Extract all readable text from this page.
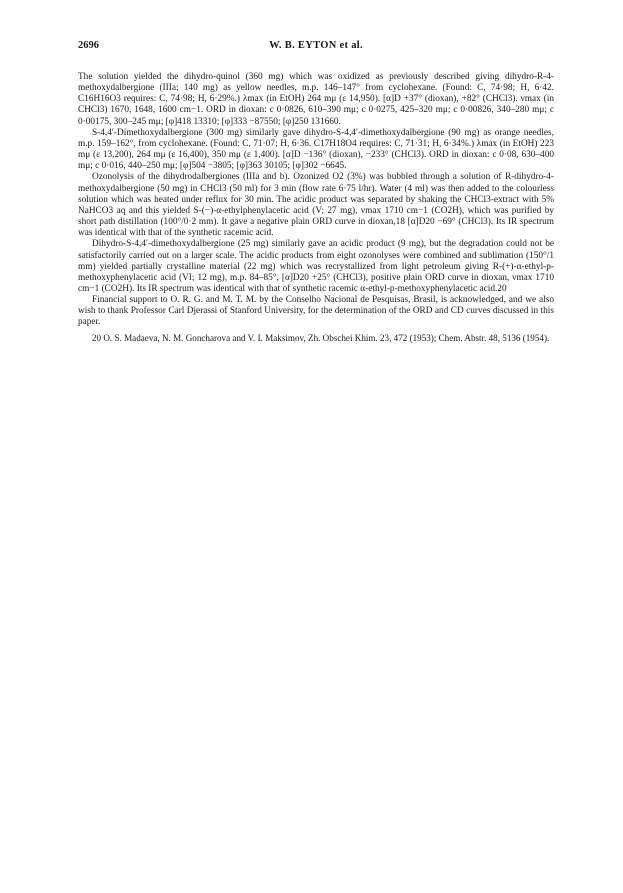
2696	W. B. EYTON et al.

The solution yielded the dihydro-quinol (360 mg) which was oxidized as previously described giving dihydro-R-4-methoxydalbergione (IIIa; 140 mg) as yellow needles, m.p. 146–147° from cyclohexane. (Found: C, 74·98; H, 6·42. C16H16O3 requires: C, 74·98; H, 6·29%.) λmax (in EtOH) 264 mμ (ε 14,950). [α]D +37° (dioxan), +82° (CHCl3). νmax (in CHCl3) 1670, 1648, 1600 cm−1. ORD in dioxan: c 0·0826, 610–390 mμ; c 0·0275, 425–320 mμ; c 0·00826, 340–280 mμ; c 0·00175, 300–245 mμ; [φ]418 13310; [φ]333 −87550; [φ]250 131660.

S-4,4′-Dimethoxydalbergione (300 mg) similarly gave dihydro-S-4,4′-dimethoxydalbergione (90 mg) as orange needles, m.p. 159–162°, from cyclohexane. (Found: C, 71·07; H, 6·36. C17H18O4 requires: C, 71·31; H, 6·34%.) λmax (in EtOH) 223 mμ (ε 13,200), 264 mμ (ε 16,400), 350 mμ (ε 1,400). [α]D −136° (dioxan), −233° (CHCl3). ORD in dioxan: c 0·08, 630–400 mμ; c 0·016, 440–250 mμ; [φ]504 −3805; [φ]363 30105; [φ]302 −6645.

Ozonolysis of the dihydrodalbergiones (IIIa and b). Ozonized O2 (3%) was bubbled through a solution of R-dihydro-4-methoxydalbergione (50 mg) in CHCl3 (50 ml) for 3 min (flow rate 6·75 l/hr). Water (4 ml) was then added to the colourless solution which was heated under reflux for 30 min. The acidic product was separated by shaking the CHCl3-extract with 5% NaHCO3 aq and this yielded S-(−)-α-ethylphenylacetic acid (V; 27 mg), νmax 1710 cm−1 (CO2H), which was purified by short path distillation (100°/0·2 mm). It gave a negative plain ORD curve in dioxan,18 [α]D20 −69° (CHCl3). Its IR spectrum was identical with that of the synthetic racemic acid.

Dihydro-S-4,4′-dimethoxydalbergione (25 mg) similarly gave an acidic product (9 mg), but the degradation could not be satisfactorily carried out on a larger scale. The acidic products from eight ozonolyses were combined and sublimation (150°/1 mm) yielded partially crystalline material (22 mg) which was recrystallized from light petroleum giving R-(+)-α-ethyl-p-methoxyphenylacetic acid (VI; 12 mg), m.p. 84–85°, [α]D20 +25° (CHCl3), positive plain ORD curve in dioxan, νmax 1710 cm−1 (CO2H). Its IR spectrum was identical with that of synthetic racemic α-ethyl-p-methoxyphenylacetic acid.20

Financial support to O. R. G. and M. T. M. by the Conselho Nacional de Pesquisas, Brasil, is acknowledged, and we also wish to thank Professor Carl Djerassi of Stanford University, for the determination of the ORD and CD curves discussed in this paper.

20 O. S. Madaeva, N. M. Goncharova and V. I. Maksimov, Zh. Obschei Khim. 23, 472 (1953); Chem. Abstr. 48, 5136 (1954).
